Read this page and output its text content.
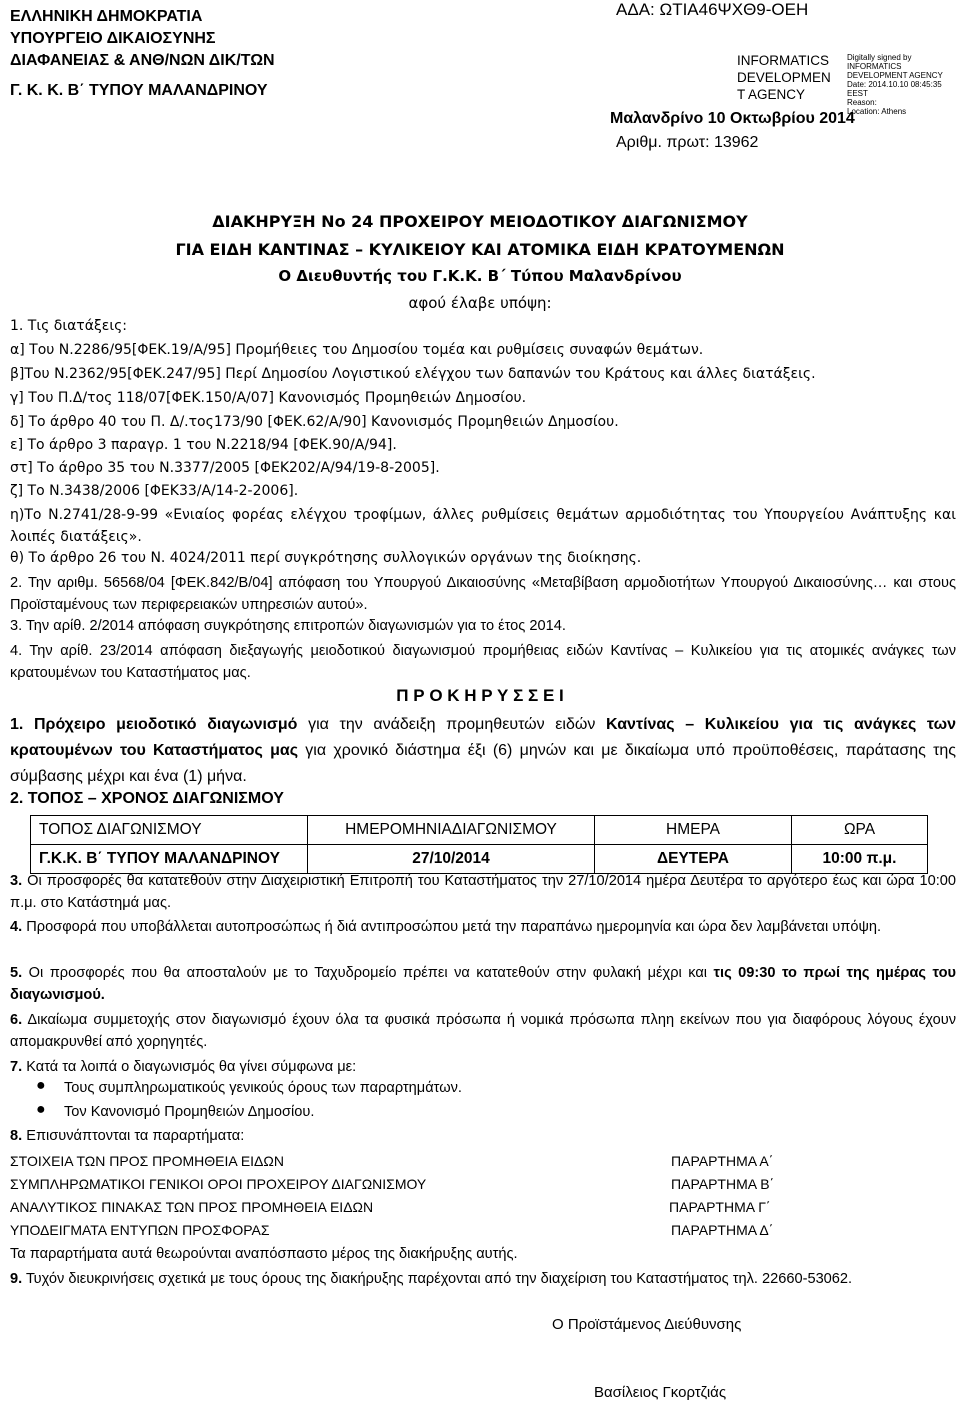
ΕΛΛΗΝΙΚΗ ΔΗΜΟΚΡΑΤΙΑ
ΥΠΟΥΡΓΕΙΟ ΔΙΚΑΙΟΣΥΝΗΣ
ΔΙΑΦΑΝΕΙΑΣ & ΑΝΘ/ΝΩΝ ΔΙΚ/ΤΩΝ
Γ. Κ. Κ. Β΄ ΤΥΠΟΥ ΜΑΛΑΝΔΡΙΝΟΥ
ΑΔΑ: ΩΤΙΑ46ΨΧΘ9-ΟΕΗ
INFORMATICS
DEVELOPMEN
T AGENCY
Digitally signed by
INFORMATICS
DEVELOPMENT AGENCY
Date: 2014.10.10 08:45:35
EEST
Reason:
Location: Athens
Μαλανδρίνο 10 Οκτωβρίου 2014
Αριθμ. πρωτ: 13962
ΔΙΑΚΗΡΥΞΗ Νο 24 ΠΡΟΧΕΙΡΟΥ ΜΕΙΟΔΟΤΙΚΟΥ ΔΙΑΓΩΝΙΣΜΟΥ
ΓΙΑ ΕΙΔΗ ΚΑΝΤΙΝΑΣ – ΚΥΛΙΚΕΙΟΥ ΚΑΙ ΑΤΟΜΙΚΑ ΕΙΔΗ ΚΡΑΤΟΥΜΕΝΩΝ
Ο Διευθυντής του Γ.Κ.Κ. Β΄ Τύπου Μαλανδρίνου
αφού έλαβε υπόψη:
1. Τις διατάξεις:
α] Του Ν.2286/95[ΦΕΚ.19/Α/95] Προμήθειες του Δημοσίου τομέα και ρυθμίσεις συναφών θεμάτων.
β]Του Ν.2362/95[ΦΕΚ.247/95] Περί Δημοσίου Λογιστικού ελέγχου των δαπανών του Κράτους και άλλες διατάξεις.
γ] Του Π.Δ/τος 118/07[ΦΕΚ.150/Α/07] Κανονισμός Προμηθειών Δημοσίου.
δ] Το άρθρο 40 του Π. Δ/.τος173/90 [ΦΕΚ.62/Α/90] Κανονισμός Προμηθειών Δημοσίου.
ε] Το άρθρο 3 παραγρ. 1 του Ν.2218/94 [ΦΕΚ.90/Α/94].
στ] Το άρθρο 35 του Ν.3377/2005 [ΦΕΚ202/Α/94/19-8-2005].
ζ] Το Ν.3438/2006 [ΦΕΚ33/Α/14-2-2006].
η)Το Ν.2741/28-9-99 «Ενιαίος φορέας ελέγχου τροφίμων, άλλες ρυθμίσεις θεμάτων αρμοδιότητας του Υπουργείου Ανάπτυξης και λοιπές διατάξεις».
θ) Το άρθρο 26 του Ν. 4024/2011 περί συγκρότησης συλλογικών οργάνων της διοίκησης.
2. Την αριθμ. 56568/04 [ΦΕΚ.842/Β/04] απόφαση του Υπουργού Δικαιοσύνης «Μεταβίβαση αρμοδιοτήτων Υπουργού Δικαιοσύνης… και στους Προϊσταμένους των περιφερειακών υπηρεσιών αυτού».
3. Την αρίθ. 2/2014 απόφαση συγκρότησης επιτροπών διαγωνισμών για το έτος 2014.
4. Την αρίθ. 23/2014 απόφαση διεξαγωγής μειοδοτικού διαγωνισμού προμήθειας ειδών Καντίνας – Κυλικείου για τις ατομικές ανάγκες των κρατουμένων του Καταστήματος μας.
Π Ρ Ο Κ Η Ρ Υ Σ Σ Ε Ι
1. Πρόχειρο μειοδοτικό διαγωνισμό για την ανάδειξη προμηθευτών ειδών Καντίνας – Κυλικείου για τις ανάγκες των κρατουμένων του Καταστήματος μας για χρονικό διάστημα έξι (6) μηνών και με δικαίωμα υπό προϋποθέσεις, παράτασης της σύμβασης μέχρι και ένα (1) μήνα.
2. ΤΟΠΟΣ – ΧΡΟΝΟΣ ΔΙΑΓΩΝΙΣΜΟΥ
ΤΟΠΟΣ ΔΙΑΓΩΝΙΣΜΟΥ	ΗΜΕΡΟΜΗΝΙΑΔΙΑΓΩΝΙΣΜΟΥ	ΗΜΕΡΑ	ΩΡΑ
Γ.Κ.Κ. Β΄ ΤΥΠΟΥ ΜΑΛΑΝΔΡΙΝΟΥ	27/10/2014	ΔΕΥΤΕΡΑ	10:00 π.μ.
3. Οι προσφορές θα κατατεθούν στην Διαχειριστική Επιτροπή του Καταστήματος την 27/10/2014 ημέρα Δευτέρα το αργότερο έως και ώρα 10:00 π.μ. στο Κατάστημά μας.
4. Προσφορά που υποβάλλεται αυτοπροσώπως ή διά αντιπροσώπου μετά την παραπάνω ημερομηνία και ώρα δεν λαμβάνεται υπόψη.
5. Οι προσφορές που θα αποσταλούν με το Ταχυδρομείο πρέπει να κατατεθούν στην φυλακή μέχρι και τις 09:30 το πρωί της ημέρας του διαγωνισμού.
6. Δικαίωμα συμμετοχής στον διαγωνισμό έχουν όλα τα φυσικά πρόσωπα ή νομικά πρόσωπα πληη εκείνων που για διαφόρους λόγους έχουν απομακρυνθεί από χορηγητές.
7. Κατά τα λοιπά ο διαγωνισμός θα γίνει σύμφωνα με:
● Τους συμπληρωματικούς γενικούς όρους των παραρτημάτων.
● Τον Κανονισμό Προμηθειών Δημοσίου.
8. Επισυνάπτονται τα παραρτήματα:
ΣΤΟΙΧΕΙΑ ΤΩΝ ΠΡΟΣ ΠΡΟΜΗΘΕΙΑ ΕΙΔΩΝ	ΠΑΡΑΡΤΗΜΑ Α΄
ΣΥΜΠΛΗΡΩΜΑΤΙΚΟΙ ΓΕΝΙΚΟΙ ΟΡΟΙ ΠΡΟΧΕΙΡΟΥ ΔΙΑΓΩΝΙΣΜΟΥ	ΠΑΡΑΡΤΗΜΑ Β΄
ΑΝΑΛΥΤΙΚΟΣ ΠΙΝΑΚΑΣ ΤΩΝ ΠΡΟΣ ΠΡΟΜΗΘΕΙΑ ΕΙΔΩΝ	ΠΑΡΑΡΤΗΜΑ Γ΄
ΥΠΟΔΕΙΓΜΑΤΑ ΕΝΤΥΠΩΝ ΠΡΟΣΦΟΡΑΣ	ΠΑΡΑΡΤΗΜΑ Δ΄
Τα παραρτήματα αυτά θεωρούνται αναπόσπαστο μέρος της διακήρυξης αυτής.
9. Τυχόν διευκρινήσεις σχετικά με τους όρους της διακήρυξης παρέχονται από την διαχείριση του Καταστήματος τηλ. 22660-53062.
Ο Προϊστάμενος Διεύθυνσης
Βασίλειος Γκορτζιάς
